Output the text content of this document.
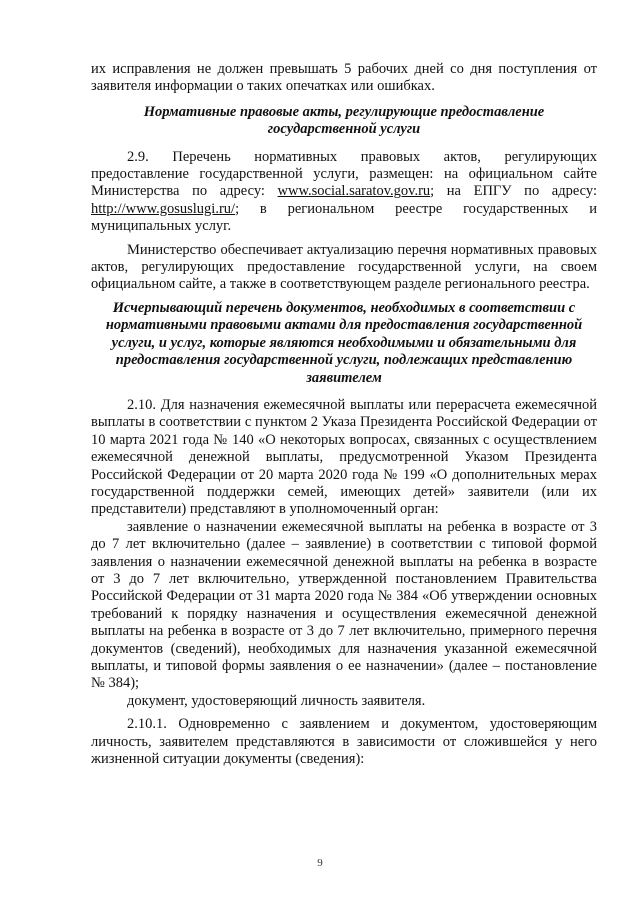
их исправления не должен превышать 5 рабочих дней со дня поступления от заявителя информации о таких опечатках или ошибках.

Нормативные правовые акты, регулирующие предоставление государственной услуги

2.9. Перечень нормативных правовых актов, регулирующих предоставление государственной услуги, размещен: на официальном сайте Министерства по адресу: www.social.saratov.gov.ru; на ЕПГУ по адресу: http://www.gosuslugi.ru/; в региональном реестре государственных и муниципальных услуг.

Министерство обеспечивает актуализацию перечня нормативных правовых актов, регулирующих предоставление государственной услуги, на своем официальном сайте, а также в соответствующем разделе регионального реестра.

Исчерпывающий перечень документов, необходимых в соответствии с нормативными правовыми актами для предоставления государственной услуги, и услуг, которые являются необходимыми и обязательными для предоставления государственной услуги, подлежащих представлению заявителем

2.10. Для назначения ежемесячной выплаты или перерасчета ежемесячной выплаты в соответствии с пунктом 2 Указа Президента Российской Федерации от 10 марта 2021 года № 140 «О некоторых вопросах, связанных с осуществлением ежемесячной денежной выплаты, предусмотренной Указом Президента Российской Федерации от 20 марта 2020 года № 199 «О дополнительных мерах государственной поддержки семей, имеющих детей» заявители (или их представители) представляют в уполномоченный орган:

заявление о назначении ежемесячной выплаты на ребенка в возрасте от 3 до 7 лет включительно (далее – заявление) в соответствии с типовой формой заявления о назначении ежемесячной денежной выплаты на ребенка в возрасте от 3 до 7 лет включительно, утвержденной постановлением Правительства Российской Федерации от 31 марта 2020 года № 384 «Об утверждении основных требований к порядку назначения и осуществления ежемесячной денежной выплаты на ребенка в возрасте от 3 до 7 лет включительно, примерного перечня документов (сведений), необходимых для назначения указанной ежемесячной выплаты, и типовой формы заявления о ее назначении» (далее – постановление № 384);

документ, удостоверяющий личность заявителя.

2.10.1. Одновременно с заявлением и документом, удостоверяющим личность, заявителем представляются в зависимости от сложившейся у него жизненной ситуации документы (сведения):

9
